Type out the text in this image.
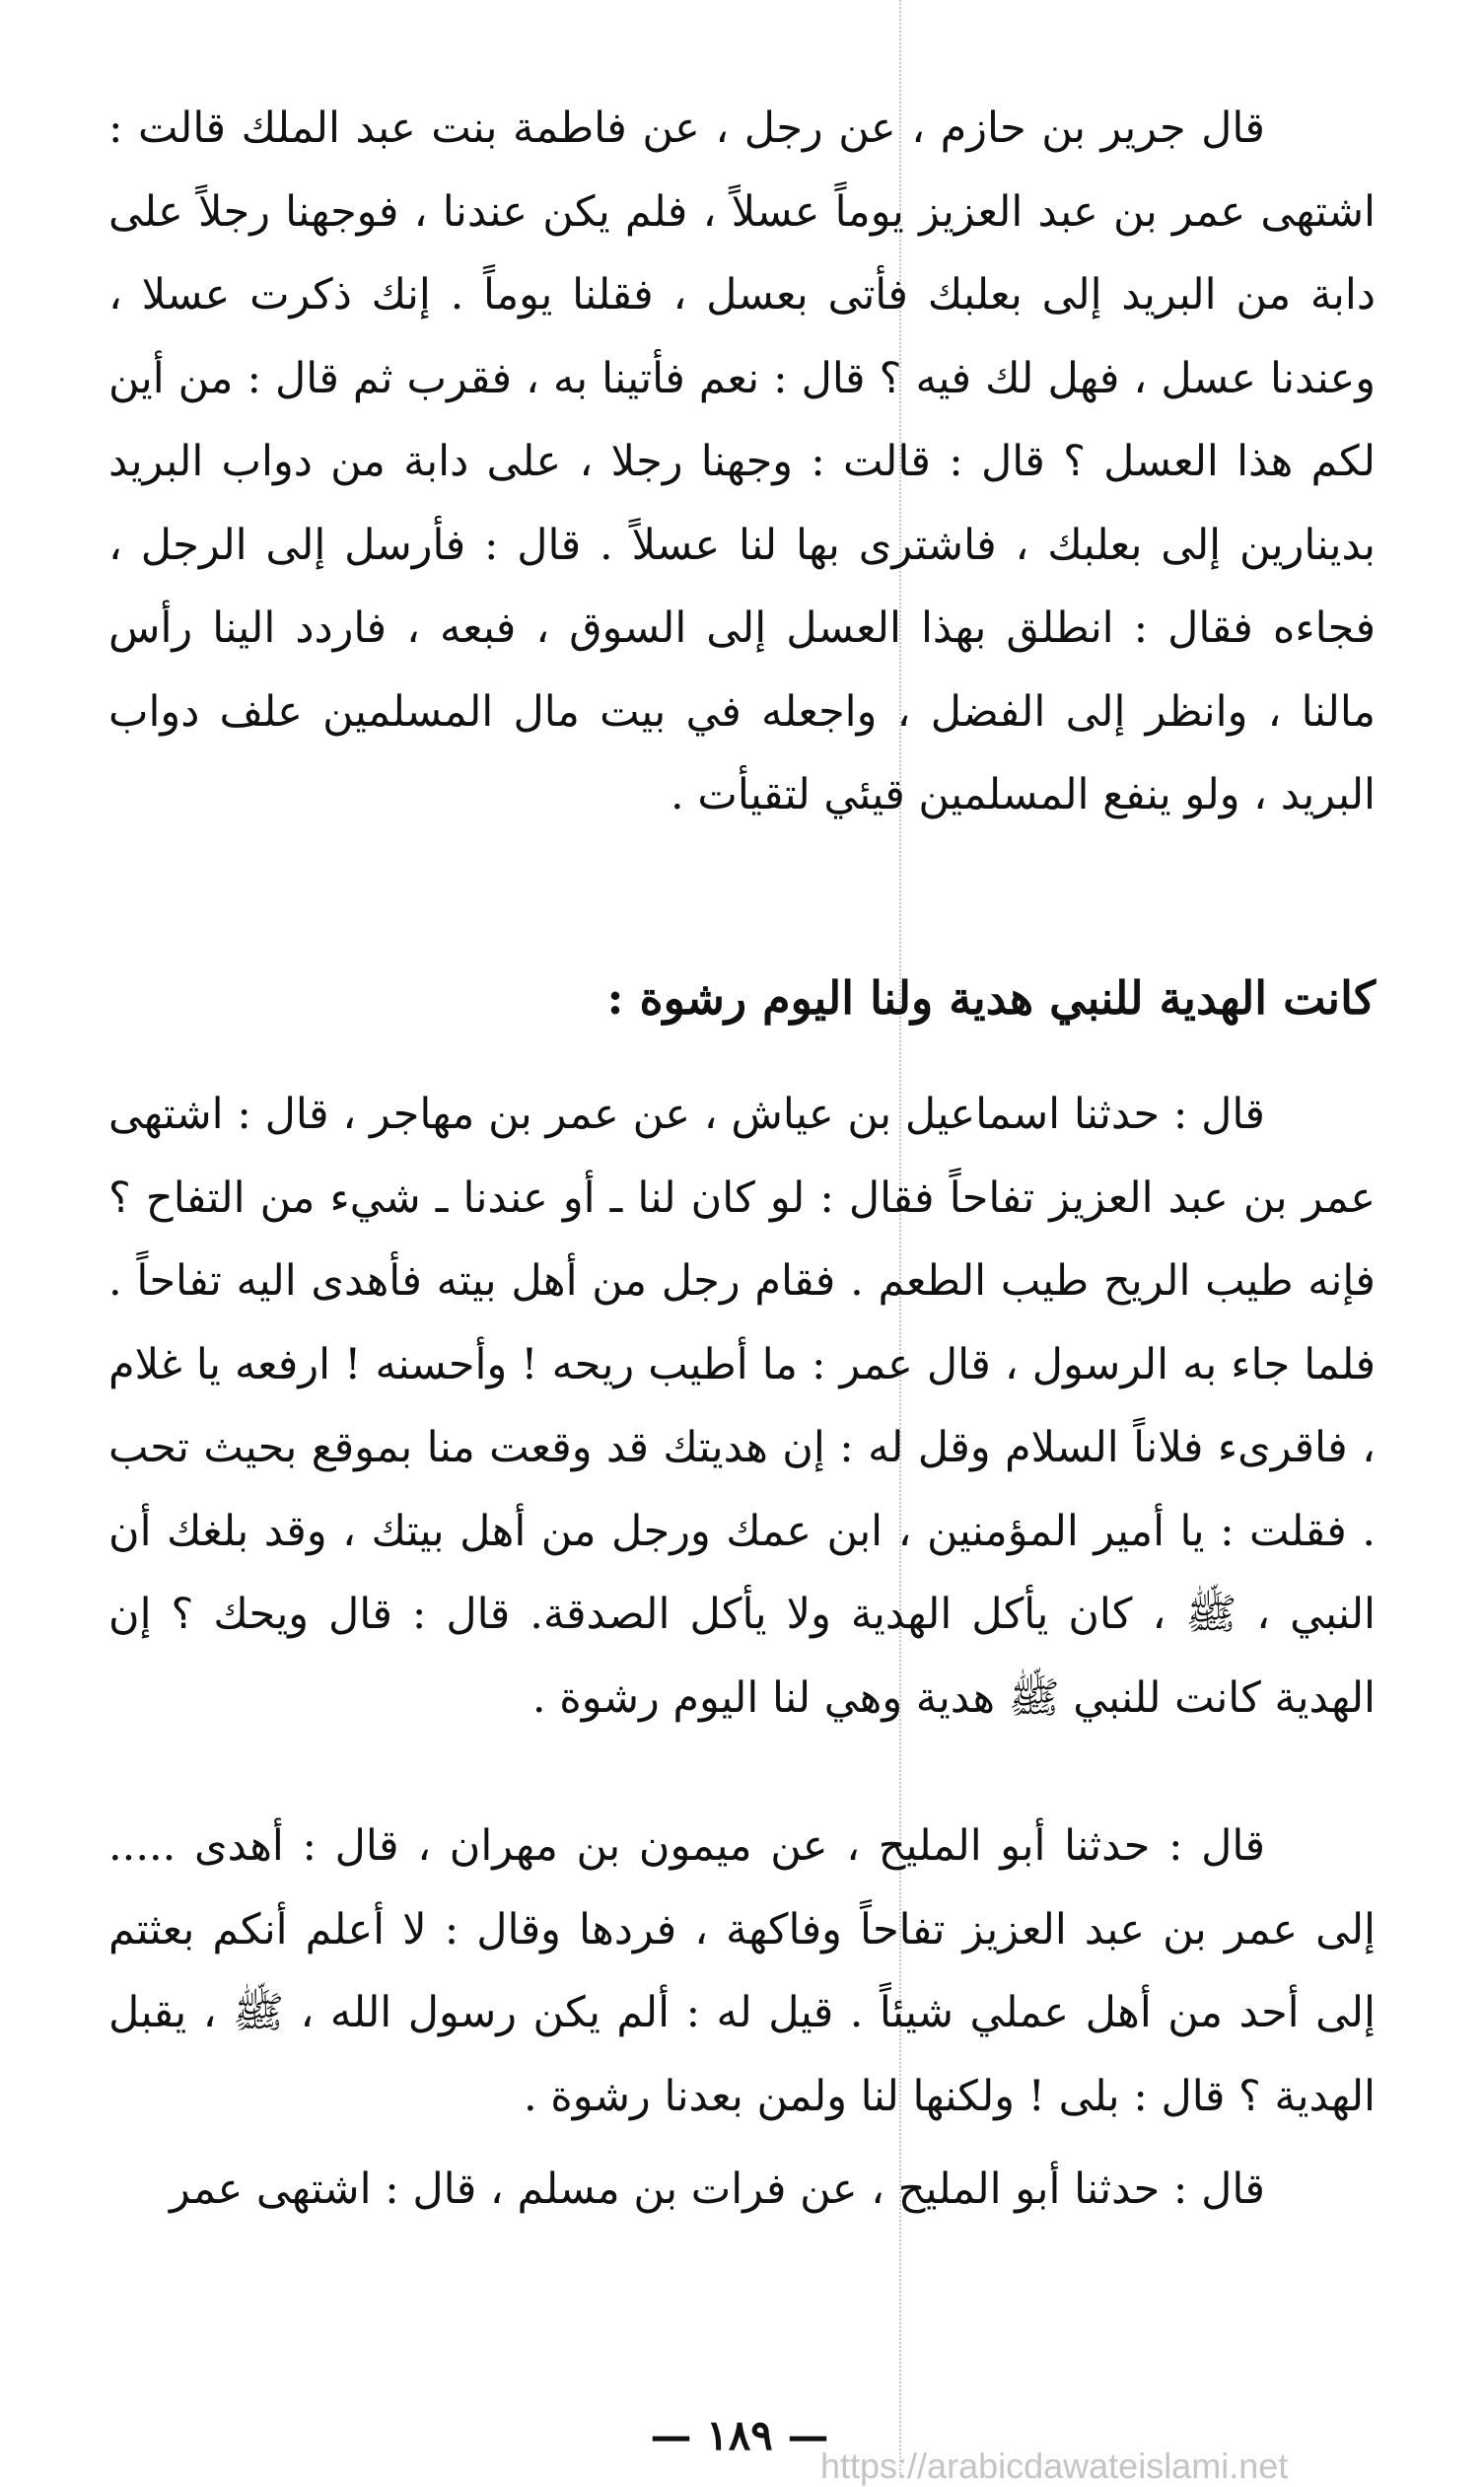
قال جرير بن حازم ، عن رجل ، عن فاطمة بنت عبد الملك قالت : اشتهى عمر بن عبد العزيز يوماً عسلاً ، فلم يكن عندنا ، فوجهنا رجلاً على دابة من البريد إلى بعلبك فأتى بعسل ، فقلنا يوماً . إنك ذكرت عسلا ، وعندنا عسل ، فهل لك فيه ؟ قال : نعم فأتينا به ، فقرب ثم قال : من أين لكم هذا العسل ؟ قال : قالت : وجهنا رجلا ، على دابة من دواب البريد بدينارين إلى بعلبك ، فاشترى بها لنا عسلاً . قال : فأرسل إلى الرجل ، فجاءه فقال : انطلق بهذا العسل إلى السوق ، فبعه ، فاردد الينا رأس مالنا ، وانظر إلى الفضل ، واجعله في بيت مال المسلمين علف دواب البريد ، ولو ينفع المسلمين قيئي لتقيأت .

كانت الهدية للنبي هدية ولنا اليوم رشوة :

قال : حدثنا اسماعيل بن عياش ، عن عمر بن مهاجر ، قال : اشتهى عمر بن عبد العزيز تفاحاً فقال : لو كان لنا ـ أو عندنا ـ شيء من التفاح ؟ فإنه طيب الريح طيب الطعم . فقام رجل من أهل بيته فأهدى اليه تفاحاً . فلما جاء به الرسول ، قال عمر : ما أطيب ريحه ! وأحسنه ! ارفعه يا غلام ، فاقرىء فلاناً السلام وقل له : إن هديتك قد وقعت منا بموقع بحيث تحب . فقلت : يا أمير المؤمنين ، ابن عمك ورجل من أهل بيتك ، وقد بلغك أن النبي ، ﷺ ، كان يأكل الهدية ولا يأكل الصدقة. قال : قال ويحك ؟ إن الهدية كانت للنبي ﷺ هدية وهي لنا اليوم رشوة .

قال : حدثنا أبو المليح ، عن ميمون بن مهران ، قال : أهدى ..... إلى عمر بن عبد العزيز تفاحاً وفاكهة ، فردها وقال : لا أعلم أنكم بعثتم إلى أحد من أهل عملي شيئاً . قيل له : ألم يكن رسول الله ، ﷺ ، يقبل الهدية ؟ قال : بلى ! ولكنها لنا ولمن بعدنا رشوة .

قال : حدثنا أبو المليح ، عن فرات بن مسلم ، قال : اشتهى عمر

— ١٨٩ —
https://arabicdawateislami.net
